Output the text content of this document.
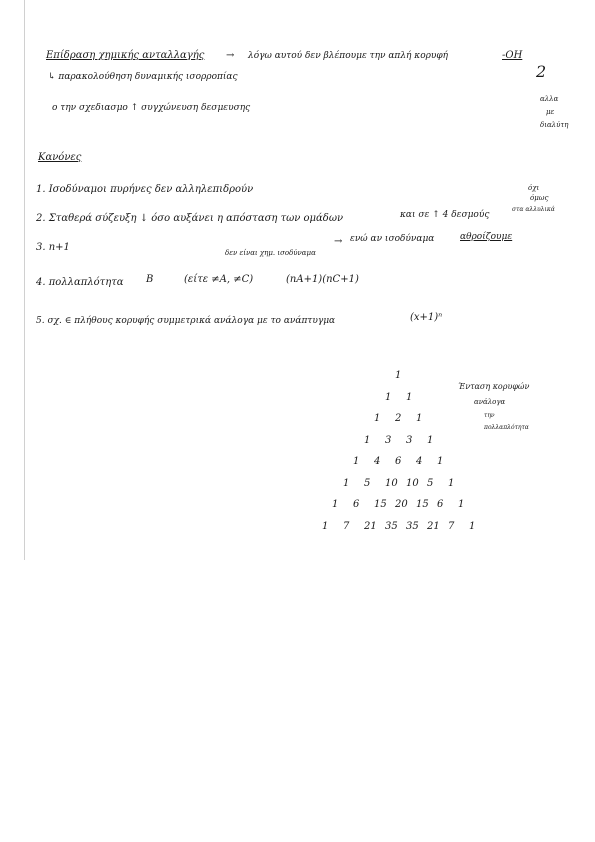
Επίδραση χημικής ανταλλαγής → λόγω αυτού δεν βλέπουμε την απλή κορυφή	-OH
2
αλλα
με
διαλύτη
↳ παρακολούθηση δυναμικής ισορροπίας
ο την σχεδιασμο ↑ συγχώνευση δεσμευσης
Κανόνες
1. Ισοδύναμοι πυρήνες δεν αλληλεπιδρούν
2. Σταθερά σύζευξη ↓ όσο αυξάνει η απόσταση των ομάδων	και σε ↑ 4 δεσμούς
όχι
όμως
στα αλλυλικά
3. n+1	δεν είναι χημ. ισοδύναμα
→ ενώ αν ισοδύναμα	αθροίζουμε
4. πολλαπλότητα B	(είτε ≠A, ≠C)	(nA+1)(nC+1)
5. σχ. ∈ πλήθους κορυφής συμμετρικά ανάλογα με το ανάπτυγμα	(x+1)ⁿ
Ένταση κορυφών
ανάλογα
την
πολλαπλότητα
1
1 1
1 2 1
1 3 3 1
1 4 6 4 1
1 5 10 10 5 1
1 6 15 20 15 6 1
1 7 21 35 35 21 7 1
